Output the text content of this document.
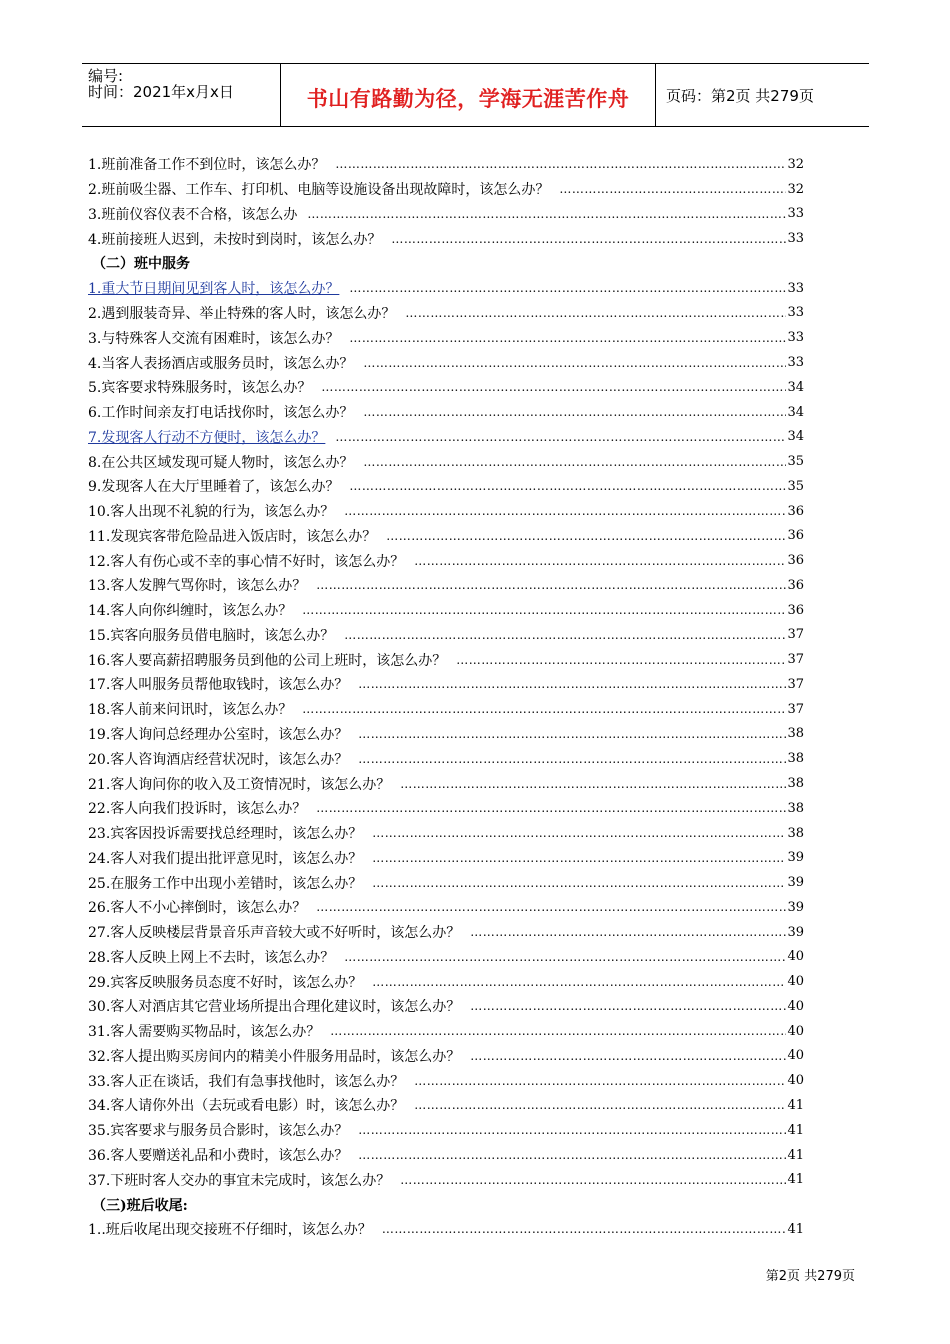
编号:
时间：2021年x月x日	书山有路勤为径，学海无涯苦作舟	页码：第2页 共279页
1.班前准备工作不到位时，该怎么办？ ………………………………………………………………………………………………………………………………………………………………	32
2.班前吸尘器、工作车、打印机、电脑等设施设备出现故障时，该怎么办？ ………………………………………………………………………………………………………………………………………………………………	32
3.班前仪容仪表不合格，该怎么办 ………………………………………………………………………………………………………………………………………………………………	33
4.班前接班人迟到，未按时到岗时，该怎么办？ ………………………………………………………………………………………………………………………………………………………………	33
（二）班中服务
1.重大节日期间见到客人时，该怎么办？ ………………………………………………………………………………………………………………………………………………………………	33
2.遇到服装奇异、举止特殊的客人时，该怎么办？ ………………………………………………………………………………………………………………………………………………………………	33
3.与特殊客人交流有困难时，该怎么办？ ………………………………………………………………………………………………………………………………………………………………	33
4.当客人表扬酒店或服务员时，该怎么办？ ………………………………………………………………………………………………………………………………………………………………	33
5.宾客要求特殊服务时，该怎么办？ ………………………………………………………………………………………………………………………………………………………………	34
6.工作时间亲友打电话找你时，该怎么办？ ………………………………………………………………………………………………………………………………………………………………	34
7.发现客人行动不方便时，该怎么办？ ………………………………………………………………………………………………………………………………………………………………	34
8.在公共区域发现可疑人物时，该怎么办？ ………………………………………………………………………………………………………………………………………………………………	35
9.发现客人在大厅里睡着了，该怎么办？ ………………………………………………………………………………………………………………………………………………………………	35
10.客人出现不礼貌的行为，该怎么办？ ………………………………………………………………………………………………………………………………………………………………	36
11.发现宾客带危险品进入饭店时，该怎么办？ ………………………………………………………………………………………………………………………………………………………………	36
12.客人有伤心或不幸的事心情不好时，该怎么办？ ………………………………………………………………………………………………………………………………………………………………	36
13.客人发脾气骂你时，该怎么办？ ………………………………………………………………………………………………………………………………………………………………	36
14.客人向你纠缠时，该怎么办？ ………………………………………………………………………………………………………………………………………………………………	36
15.宾客向服务员借电脑时，该怎么办？ ………………………………………………………………………………………………………………………………………………………………	37
16.客人要高薪招聘服务员到他的公司上班时，该怎么办？ ………………………………………………………………………………………………………………………………………………………………	37
17.客人叫服务员帮他取钱时，该怎么办？ ………………………………………………………………………………………………………………………………………………………………	37
18.客人前来问讯时，该怎么办？ ………………………………………………………………………………………………………………………………………………………………	37
19.客人询问总经理办公室时，该怎么办？ ………………………………………………………………………………………………………………………………………………………………	38
20.客人咨询酒店经营状况时，该怎么办？ ………………………………………………………………………………………………………………………………………………………………	38
21.客人询问你的收入及工资情况时，该怎么办？ ………………………………………………………………………………………………………………………………………………………………	38
22.客人向我们投诉时，该怎么办？ ………………………………………………………………………………………………………………………………………………………………	38
23.宾客因投诉需要找总经理时，该怎么办？ ………………………………………………………………………………………………………………………………………………………………	38
24.客人对我们提出批评意见时，该怎么办？ ………………………………………………………………………………………………………………………………………………………………	39
25.在服务工作中出现小差错时，该怎么办？ ………………………………………………………………………………………………………………………………………………………………	39
26.客人不小心摔倒时，该怎么办？ ………………………………………………………………………………………………………………………………………………………………	39
27.客人反映楼层背景音乐声音较大或不好听时，该怎么办？ ………………………………………………………………………………………………………………………………………………………………	39
28.客人反映上网上不去时，该怎么办？ ………………………………………………………………………………………………………………………………………………………………	40
29.宾客反映服务员态度不好时，该怎么办？ ………………………………………………………………………………………………………………………………………………………………	40
30.客人对酒店其它营业场所提出合理化建议时，该怎么办？ ………………………………………………………………………………………………………………………………………………………………	40
31.客人需要购买物品时，该怎么办？ ………………………………………………………………………………………………………………………………………………………………	40
32.客人提出购买房间内的精美小件服务用品时，该怎么办？ ………………………………………………………………………………………………………………………………………………………………	40
33.客人正在谈话，我们有急事找他时，该怎么办？ ………………………………………………………………………………………………………………………………………………………………	40
34.客人请你外出（去玩或看电影）时，该怎么办？ ………………………………………………………………………………………………………………………………………………………………	41
35.宾客要求与服务员合影时，该怎么办？ ………………………………………………………………………………………………………………………………………………………………	41
36.客人要赠送礼品和小费时，该怎么办？ ………………………………………………………………………………………………………………………………………………………………	41
37.下班时客人交办的事宜未完成时，该怎么办？ ………………………………………………………………………………………………………………………………………………………………	41
（三)班后收尾:
1..班后收尾出现交接班不仔细时，该怎么办？ ………………………………………………………………………………………………………………………………………………………………	41
第2页 共279页
